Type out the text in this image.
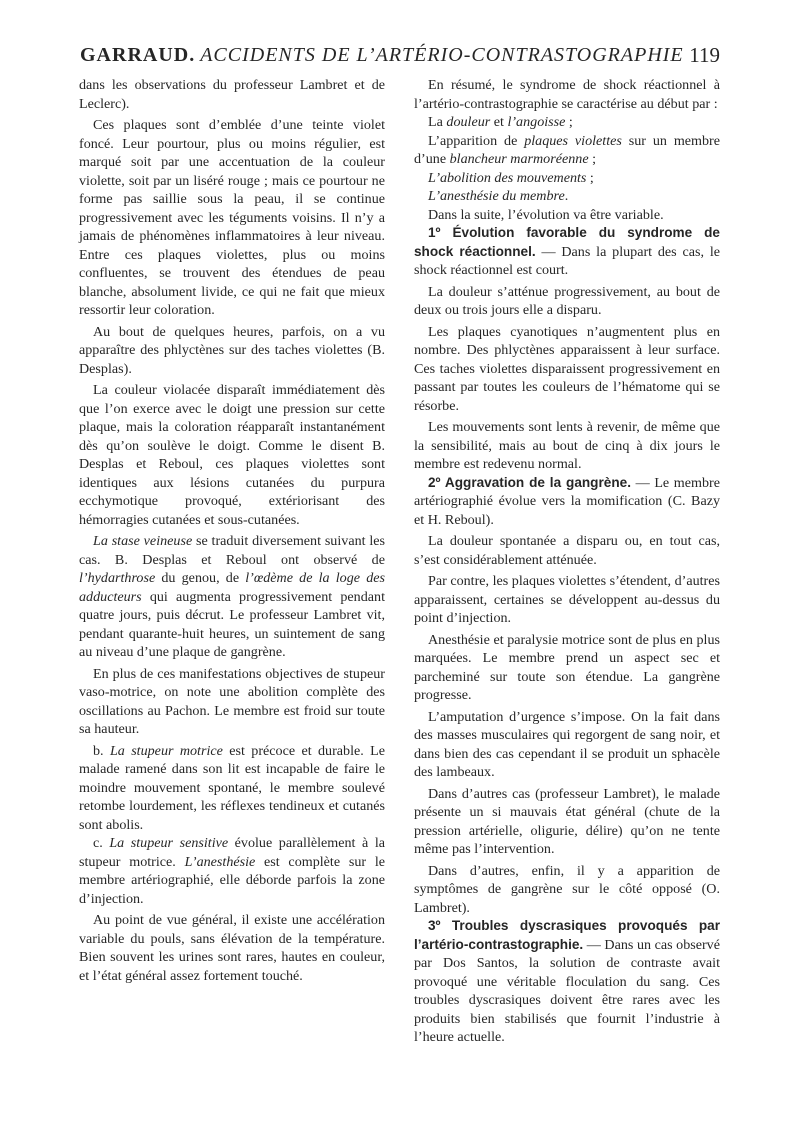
GARRAUD. ACCIDENTS DE L’ARTÉRIO-CONTRASTOGRAPHIE 119

dans les observations du professeur Lambret et de Leclerc).

Ces plaques sont d’emblée d’une teinte violet foncé. Leur pourtour, plus ou moins régulier, est marqué soit par une accentuation de la couleur violette, soit par un liséré rouge ; mais ce pourtour ne forme pas saillie sous la peau, il se continue progressivement avec les téguments voisins. Il n’y a jamais de phénomènes inflammatoires à leur niveau. Entre ces plaques violettes, plus ou moins confluentes, se trouvent des étendues de peau blanche, absolument livide, ce qui ne fait que mieux ressortir leur coloration.

Au bout de quelques heures, parfois, on a vu apparaître des phlyctènes sur des taches violettes (B. Desplas).

La couleur violacée disparaît immédiatement dès que l’on exerce avec le doigt une pression sur cette plaque, mais la coloration réapparaît instantanément dès qu’on soulève le doigt. Comme le disent B. Desplas et Reboul, ces plaques violettes sont identiques aux lésions cutanées du purpura ecchymotique provoqué, extériorisant des hémorragies cutanées et sous-cutanées.

La stase veineuse se traduit diversement suivant les cas. B. Desplas et Reboul ont observé de l’hydarthrose du genou, de l’œdème de la loge des adducteurs qui augmenta progressivement pendant quatre jours, puis décrut. Le professeur Lambret vit, pendant quarante-huit heures, un suintement de sang au niveau d’une plaque de gangrène.

En plus de ces manifestations objectives de stupeur vaso-motrice, on note une abolition complète des oscillations au Pachon. Le membre est froid sur toute sa hauteur.

b. La stupeur motrice est précoce et durable. Le malade ramené dans son lit est incapable de faire le moindre mouvement spontané, le membre soulevé retombe lourdement, les réflexes tendineux et cutanés sont abolis.

c. La stupeur sensitive évolue parallèlement à la stupeur motrice. L’anesthésie est complète sur le membre artériographié, elle déborde parfois la zone d’injection.

Au point de vue général, il existe une accélération variable du pouls, sans élévation de la température. Bien souvent les urines sont rares, hautes en couleur, et l’état général assez fortement touché.

En résumé, le syndrome de shock réactionnel à l’artério-contrastographie se caractérise au début par :

La douleur et l’angoisse ;

L’apparition de plaques violettes sur un membre d’une blancheur marmoréenne ;

L’abolition des mouvements ;

L’anesthésie du membre.

Dans la suite, l’évolution va être variable.

1º Évolution favorable du syndrome de shock réactionnel. — Dans la plupart des cas, le shock réactionnel est court.

La douleur s’atténue progressivement, au bout de deux ou trois jours elle a disparu.

Les plaques cyanotiques n’augmentent plus en nombre. Des phlyctènes apparaissent à leur surface. Ces taches violettes disparaissent progressivement en passant par toutes les couleurs de l’hématome qui se résorbe.

Les mouvements sont lents à revenir, de même que la sensibilité, mais au bout de cinq à dix jours le membre est redevenu normal.

2º Aggravation de la gangrène. — Le membre artériographié évolue vers la momification (C. Bazy et H. Reboul).

La douleur spontanée a disparu ou, en tout cas, s’est considérablement atténuée.

Par contre, les plaques violettes s’étendent, d’autres apparaissent, certaines se développent au-dessus du point d’injection.

Anesthésie et paralysie motrice sont de plus en plus marquées. Le membre prend un aspect sec et parcheminé sur toute son étendue. La gangrène progresse.

L’amputation d’urgence s’impose. On la fait dans des masses musculaires qui regorgent de sang noir, et dans bien des cas cependant il se produit un sphacèle des lambeaux.

Dans d’autres cas (professeur Lambret), le malade présente un si mauvais état général (chute de la pression artérielle, oligurie, délire) qu’on ne tente même pas l’intervention.

Dans d’autres, enfin, il y a apparition de symptômes de gangrène sur le côté opposé (O. Lambret).

3º Troubles dyscrasiques provoqués par l’artério-contrastographie. — Dans un cas observé par Dos Santos, la solution de contraste avait provoqué une véritable floculation du sang. Ces troubles dyscrasiques doivent être rares avec les produits bien stabilisés que fournit l’industrie à l’heure actuelle.
